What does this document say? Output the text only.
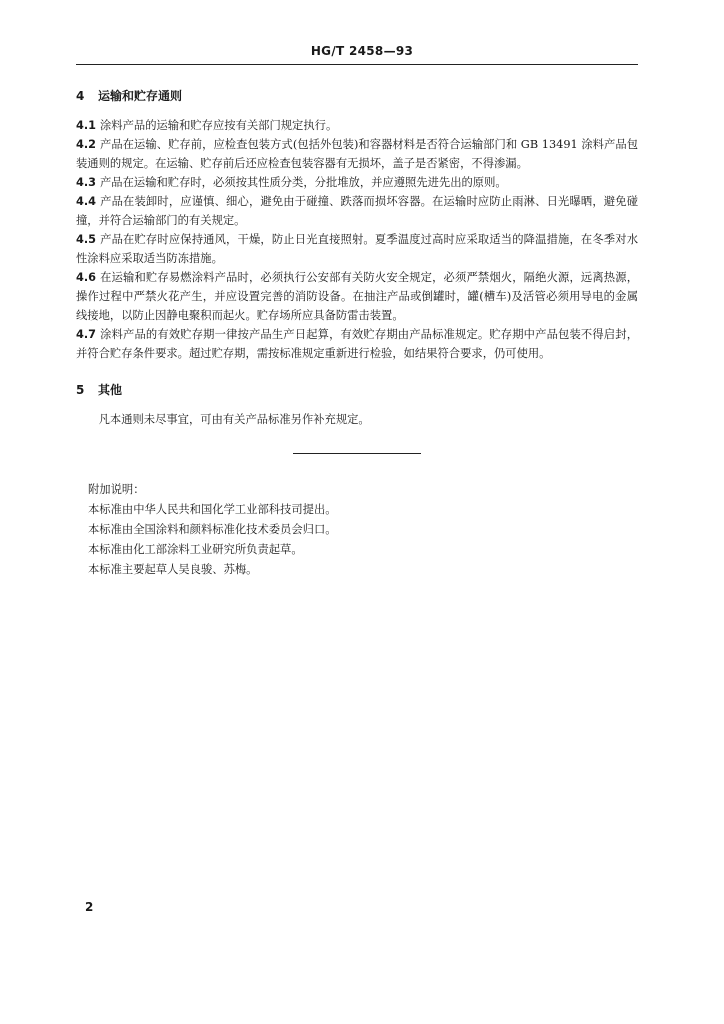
HG/T 2458—93
4 运输和贮存通则

4.1 涂料产品的运输和贮存应按有关部门规定执行。

4.2 产品在运输、贮存前，应检查包装方式(包括外包装)和容器材料是否符合运输部门和 GB 13491 涂料产品包装通则的规定。在运输、贮存前后还应检查包装容器有无损坏，盖子是否紧密，不得渗漏。

4.3 产品在运输和贮存时，必须按其性质分类，分批堆放，并应遵照先进先出的原则。

4.4 产品在装卸时，应谨慎、细心，避免由于碰撞、跌落而损坏容器。在运输时应防止雨淋、日光曝晒，避免碰撞，并符合运输部门的有关规定。

4.5 产品在贮存时应保持通风，干燥，防止日光直接照射。夏季温度过高时应采取适当的降温措施，在冬季对水性涂料应采取适当防冻措施。

4.6 在运输和贮存易燃涂料产品时，必须执行公安部有关防火安全规定，必须严禁烟火，隔绝火源，远离热源，操作过程中严禁火花产生，并应设置完善的消防设备。在抽注产品或倒罐时，罐(槽车)及活管必须用导电的金属线接地，以防止因静电聚积而起火。贮存场所应具备防雷击装置。

4.7 涂料产品的有效贮存期一律按产品生产日起算，有效贮存期由产品标准规定。贮存期中产品包装不得启封，并符合贮存条件要求。超过贮存期，需按标准规定重新进行检验，如结果符合要求，仍可使用。

5 其他

凡本通则未尽事宜，可由有关产品标准另作补充规定。

附加说明：
本标准由中华人民共和国化学工业部科技司提出。
本标准由全国涂料和颜料标准化技术委员会归口。
本标准由化工部涂料工业研究所负责起草。
本标准主要起草人吴良骏、苏梅。
2
